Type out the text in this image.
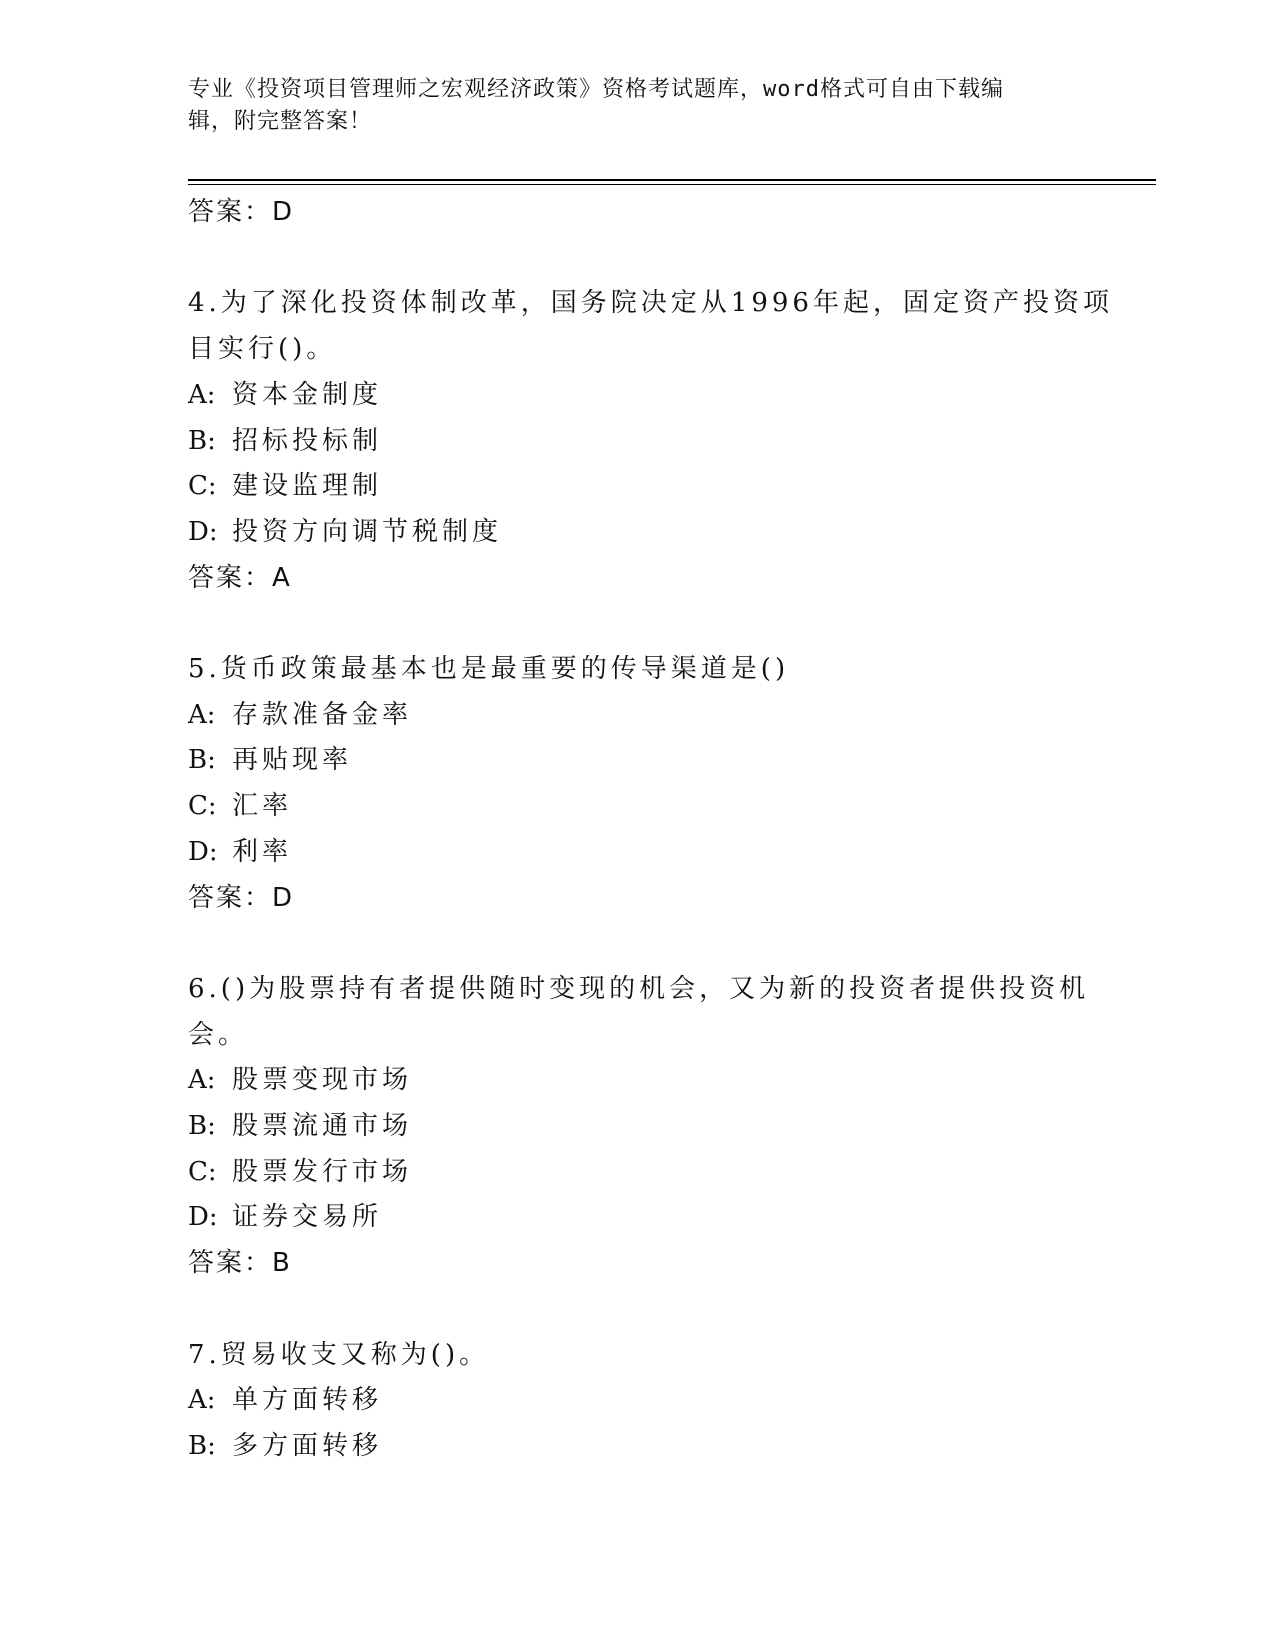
专业《投资项目管理师之宏观经济政策》资格考试题库，word格式可自由下载编
辑，附完整答案！
答案：D
4.为了深化投资体制改革，国务院决定从1996年起，固定资产投资项
目实行()。
A: 资本金制度
B: 招标投标制
C: 建设监理制
D: 投资方向调节税制度
答案：A
5.货币政策最基本也是最重要的传导渠道是()
A: 存款准备金率
B: 再贴现率
C: 汇率
D: 利率
答案：D
6.()为股票持有者提供随时变现的机会，又为新的投资者提供投资机
会。
A: 股票变现市场
B: 股票流通市场
C: 股票发行市场
D: 证券交易所
答案：B
7.贸易收支又称为()。
A: 单方面转移
B: 多方面转移
